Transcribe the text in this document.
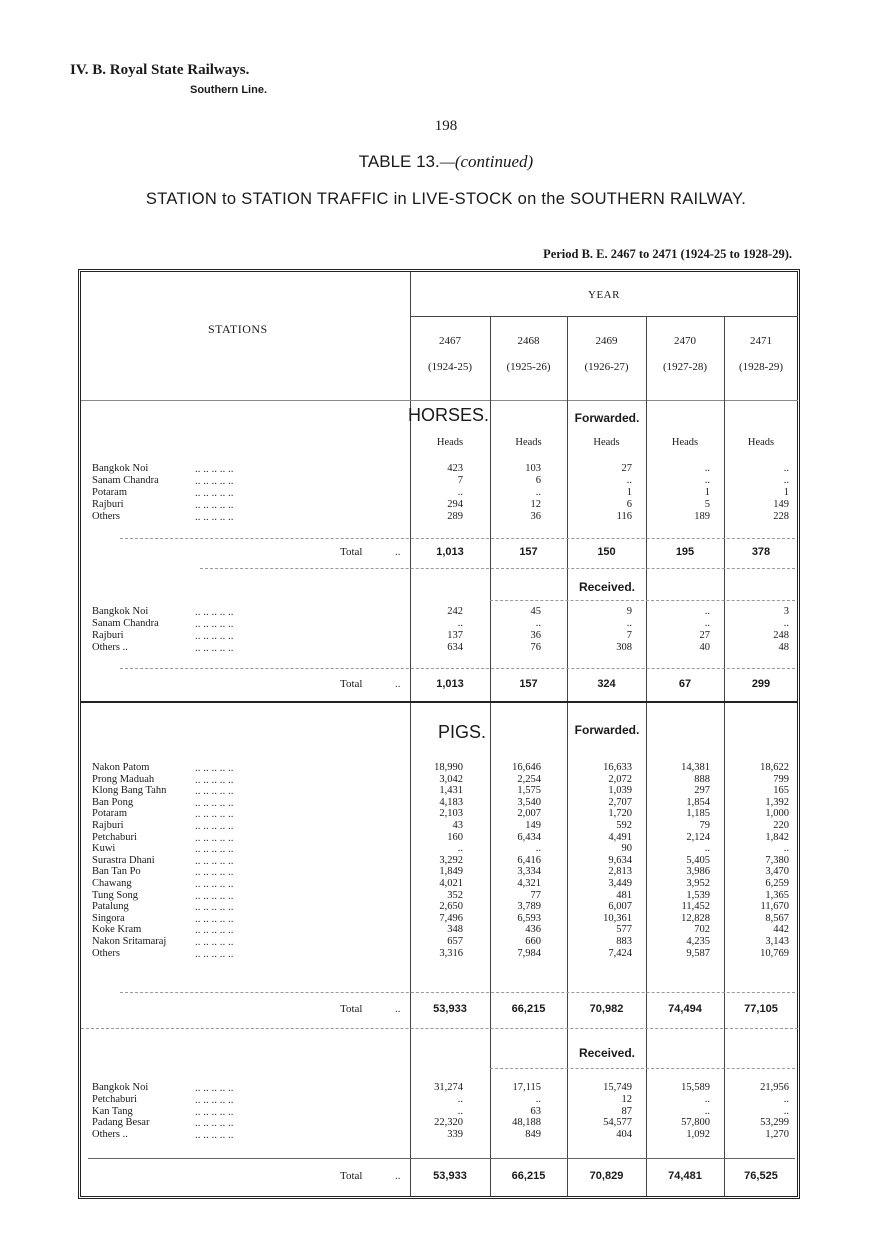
IV. B. Royal State Railways.
Southern Line.
198
TABLE 13.—(continued)
STATION to STATION TRAFFIC in LIVE-STOCK on the SOUTHERN RAILWAY.
Period B. E. 2467 to 2471 (1924-25 to 1928-29).
STATIONS
YEAR
2467
(1924-25)
2468
(1925-26)
2469
(1926-27)
2470
(1927-28)
2471
(1928-29)
HORSES.	Forwarded.
Heads	Heads	Heads	Heads	Heads
Bangkok Noi	.. .. .. .. ..	423	103	27	..	..
Sanam Chandra	.. .. .. .. ..	7	6	..	..	..
Potaram	.. .. .. .. ..	..	..	1	1	1
Rajburi	.. .. .. .. ..	294	12	6	5	149
Others	.. .. .. .. ..	289	36	116	189	228
Total	..	1,013	157	150	195	378
Received.
Bangkok Noi	.. .. .. .. ..	242	45	9	..	3
Sanam Chandra	.. .. .. .. ..	..	..	..	..	..
Rajburi	.. .. .. .. ..	137	36	7	27	248
Others ..	.. .. .. .. ..	634	76	308	40	48
Total	..	1,013	157	324	67	299
PIGS.	Forwarded.
Nakon Patom	.. .. .. .. ..	18,990	16,646	16,633	14,381	18,622
Prong Maduah	.. .. .. .. ..	3,042	2,254	2,072	888	799
Klong Bang Tahn	.. .. .. .. ..	1,431	1,575	1,039	297	165
Ban Pong	.. .. .. .. ..	4,183	3,540	2,707	1,854	1,392
Potaram	.. .. .. .. ..	2,103	2,007	1,720	1,185	1,000
Rajburi	.. .. .. .. ..	43	149	592	79	220
Petchaburi	.. .. .. .. ..	160	6,434	4,491	2,124	1,842
Kuwi	.. .. .. .. ..	..	..	90	..	..
Surastra Dhani	.. .. .. .. ..	3,292	6,416	9,634	5,405	7,380
Ban Tan Po	.. .. .. .. ..	1,849	3,334	2,813	3,986	3,470
Chawang	.. .. .. .. ..	4,021	4,321	3,449	3,952	6,259
Tung Song	.. .. .. .. ..	352	77	481	1,539	1,365
Patalung	.. .. .. .. ..	2,650	3,789	6,007	11,452	11,670
Singora	.. .. .. .. ..	7,496	6,593	10,361	12,828	8,567
Koke Kram	.. .. .. .. ..	348	436	577	702	442
Nakon Sritamaraj	.. .. .. .. ..	657	660	883	4,235	3,143
Others	.. .. .. .. ..	3,316	7,984	7,424	9,587	10,769
Total	..	53,933	66,215	70,982	74,494	77,105
Received.
Bangkok Noi	.. .. .. .. ..	31,274	17,115	15,749	15,589	21,956
Petchaburi	.. .. .. .. ..	..	..	12	..	..
Kan Tang	.. .. .. .. ..	..	63	87	..	..
Padang Besar	.. .. .. .. ..	22,320	48,188	54,577	57,800	53,299
Others ..	.. .. .. .. ..	339	849	404	1,092	1,270
Total	..	53,933	66,215	70,829	74,481	76,525
